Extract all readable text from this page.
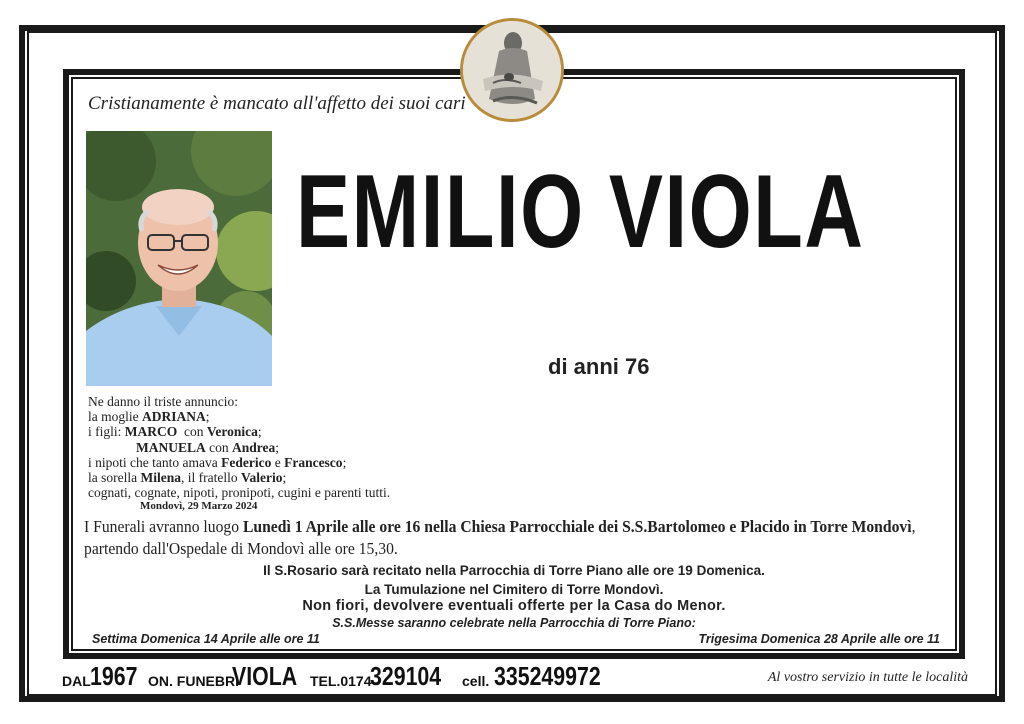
Cristianamente è mancato all'affetto dei suoi cari
EMILIO VIOLA
di anni 76
Ne danno il triste annuncio:
la moglie ADRIANA;
i figli: MARCO  con Veronica;
MANUELA con Andrea;
i nipoti che tanto amava Federico e Francesco;
la sorella Milena, il fratello Valerio;
cognati, cognate, nipoti, pronipoti, cugini e parenti tutti.
Mondovì, 29 Marzo 2024
I Funerali avranno luogo Lunedì 1 Aprile alle ore 16 nella Chiesa Parrocchiale dei S.S.Bartolomeo e Placido in Torre Mondovì,
partendo dall'Ospedale di Mondovì alle ore 15,30.
Il S.Rosario sarà recitato nella Parrocchia di Torre Piano alle ore 19 Domenica.
La Tumulazione nel Cimitero di Torre Mondovì.
Non fiori, devolvere eventuali offerte per la Casa do Menor.
S.S.Messe saranno celebrate nella Parrocchia di Torre Piano:
Settima Domenica 14 Aprile alle ore 11	Trigesima Domenica 28 Aprile alle ore 11
DAL 1967 ON. FUNEBRI
VIOLA TEL.0174
329104 cell. 335249972	Al vostro servizio in tutte le località
